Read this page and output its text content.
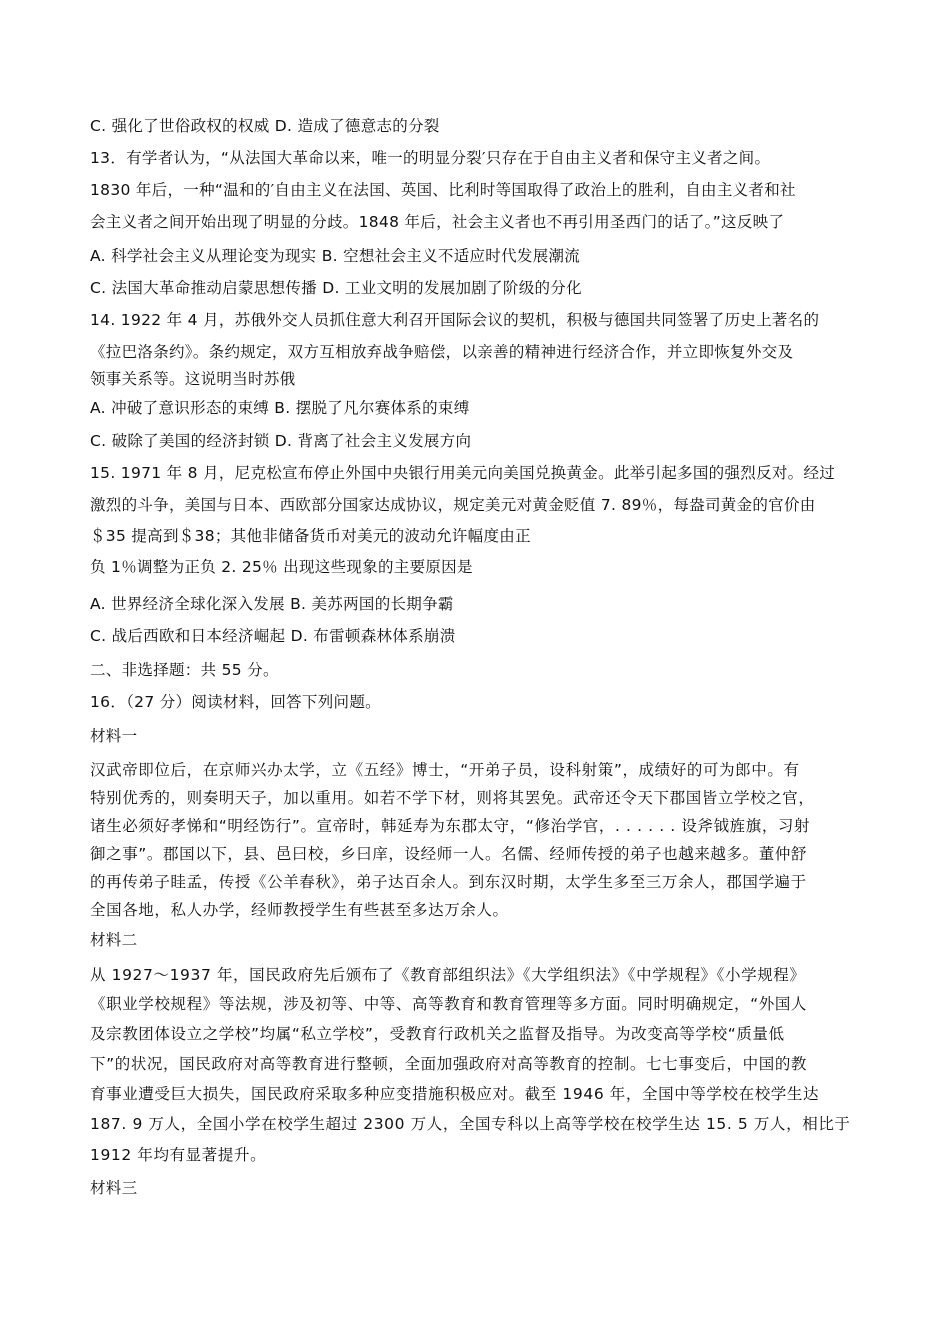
C. 强化了世俗政权的权威 D. 造成了德意志的分裂
13．有学者认为，“从法国大革命以来，唯一的明显分裂′只存在于自由主义者和保守主义者之间。
1830 年后，一种“温和的′自由主义在法国、英国、比利时等国取得了政治上的胜利，自由主义者和社
会主义者之间开始出现了明显的分歧。1848 年后，社会主义者也不再引用圣西门的话了。”这反映了
A. 科学社会主义从理论变为现实 B. 空想社会主义不适应时代发展潮流
C. 法国大革命推动启蒙思想传播 D. 工业文明的发展加剧了阶级的分化
14. 1922 年 4 月，苏俄外交人员抓住意大利召开国际会议的契机，积极与德国共同签署了历史上著名的
《拉巴洛条约》。条约规定，双方互相放弃战争赔偿，以亲善的精神进行经济合作，并立即恢复外交及
领事关系等。这说明当时苏俄
A. 冲破了意识形态的束缚 B. 摆脱了凡尔赛体系的束缚
C. 破除了美国的经济封锁 D. 背离了社会主义发展方向
15. 1971 年 8 月，尼克松宣布停止外国中央银行用美元向美国兑换黄金。此举引起多国的强烈反对。经过
激烈的斗争，美国与日本、西欧部分国家达成协议，规定美元对黄金贬值 7. 89％，每盎司黄金的官价由
＄35 提高到＄38；其他非储备货币对美元的波动允许幅度由正
负 1％调整为正负 2. 25％ 出现这些现象的主要原因是
A. 世界经济全球化深入发展 B. 美苏两国的长期争霸
C. 战后西欧和日本经济崛起 D. 布雷顿森林体系崩溃
二、非选择题：共 55 分。
16．（27 分）阅读材料，回答下列问题。
材料一
汉武帝即位后，在京师兴办太学，立《五经》博士，“开弟子员，设科射策”，成绩好的可为郎中。有
特别优秀的，则奏明天子，加以重用。如若不学下材，则将其罢免。武帝还令天下郡国皆立学校之官，
诸生必须好孝悌和“明经饬行”。宣帝时，韩延寿为东郡太守，“修治学官，. . . . . . 设斧钺旌旗，习射
御之事”。郡国以下，县、邑曰校，乡曰庠，设经师一人。名儒、经师传授的弟子也越来越多。董仲舒
的再传弟子眭孟，传授《公羊春秋》，弟子达百余人。到东汉时期，太学生多至三万余人，郡国学遍于
全国各地，私人办学，经师教授学生有些甚至多达万余人。
材料二
从 1927～1937 年，国民政府先后颁布了《教育部组织法》《大学组织法》《中学规程》《小学规程》
《职业学校规程》等法规，涉及初等、中等、高等教育和教育管理等多方面。同时明确规定，“外国人
及宗教团体设立之学校”均属“私立学校”，受教育行政机关之监督及指导。为改变高等学校“质量低
下”的状况，国民政府对高等教育进行整顿，全面加强政府对高等教育的控制。七七事变后，中国的教
育事业遭受巨大损失，国民政府采取多种应变措施积极应对。截至 1946 年，全国中等学校在校学生达
187. 9 万人，全国小学在校学生超过 2300 万人，全国专科以上高等学校在校学生达 15. 5 万人，相比于
1912 年均有显著提升。
材料三
